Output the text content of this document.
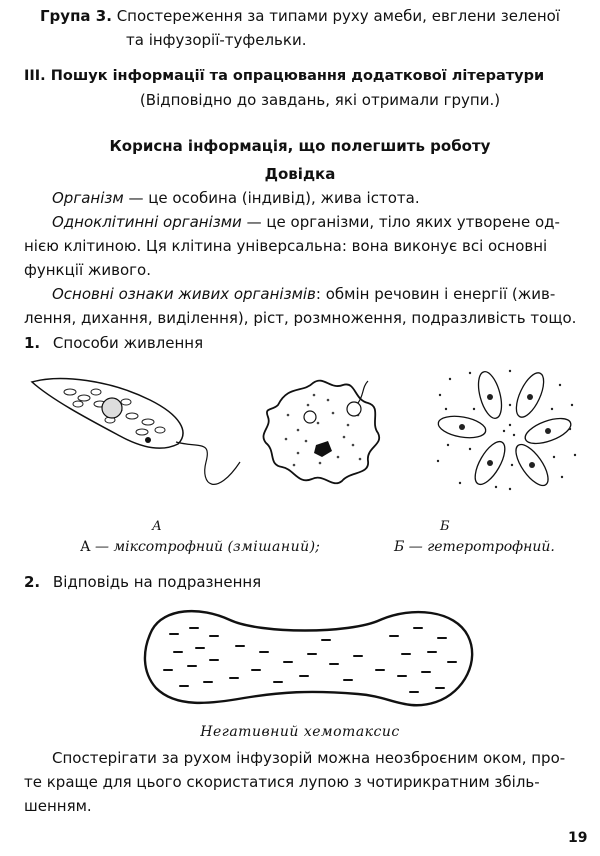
Група 3. Спостереження за типами руху амеби, евглени зеленої
та інфузорії-туфельки.
III. Пошук інформації та опрацювання додаткової літератури
(Відповідно до завдань, які отримали групи.)
Корисна інформація, що полегшить роботу
Довідка
Організм — це особина (індивід), жива істота.
Одноклітинні організми — це організми, тіло яких утворене од-
нією клітиною. Ця клітина універсальна: вона виконує всі основні
функції живого.
Основні ознаки живих організмів: обмін речовин і енергії (жив-
лення, дихання, виділення), ріст, розмноження, подразливість тощо.
1. Способи живлення
А	Б
А — міксотрофний (змішаний);	Б — гетеротрофний.
2. Відповідь на подразнення
Негативний хемотаксис
Спостерігати за рухом інфузорій можна неозброєним оком, про-
те краще для цього скористатися лупою з чотирикратним збіль-
шенням.
19
